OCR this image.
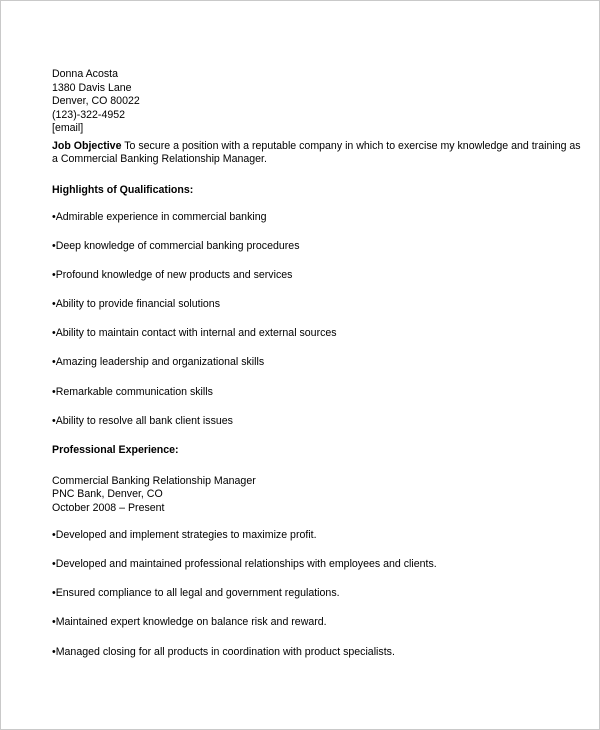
Donna Acosta
1380 Davis Lane
Denver, CO 80022
(123)-322-4952
[email]
Job Objective To secure a position with a reputable company in which to exercise my knowledge and training as a Commercial Banking Relationship Manager.
Highlights of Qualifications:
•Admirable experience in commercial banking
•Deep knowledge of commercial banking procedures
•Profound knowledge of new products and services
•Ability to provide financial solutions
•Ability to maintain contact with internal and external sources
•Amazing leadership and organizational skills
•Remarkable communication skills
•Ability to resolve all bank client issues
Professional Experience:
Commercial Banking Relationship Manager
PNC Bank, Denver, CO
October 2008 – Present
•Developed and implement strategies to maximize profit.
•Developed and maintained professional relationships with employees and clients.
•Ensured compliance to all legal and government regulations.
•Maintained expert knowledge on balance risk and reward.
•Managed closing for all products in coordination with product specialists.
